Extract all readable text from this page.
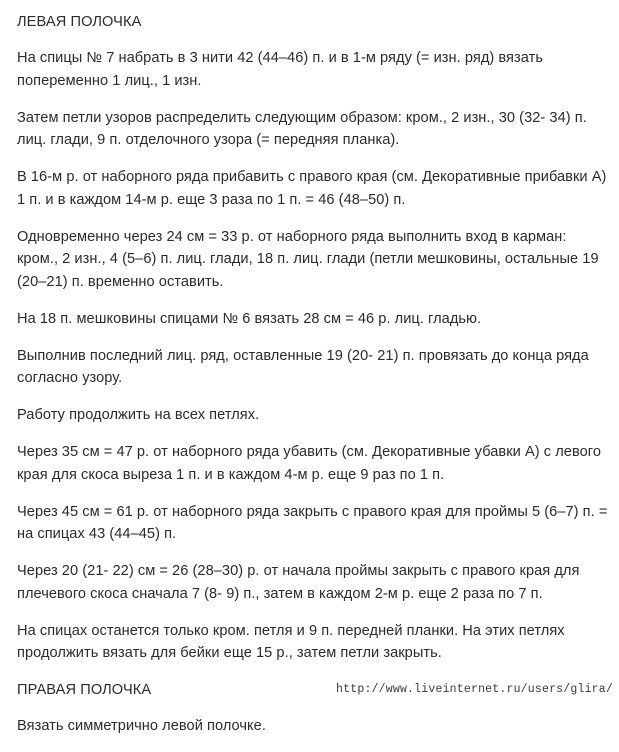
ЛЕВАЯ ПОЛОЧКА
На спицы № 7 набрать в 3 нити 42 (44–46) п. и в 1-м ряду (= изн. ряд) вязать попеременно 1 лиц., 1 изн.
Затем петли узоров распределить следующим образом: кром., 2 изн., 30 (32- 34) п. лиц. глади, 9 п. отделочного узора (= передняя планка).
В 16-м р. от наборного ряда прибавить с правого края (см. Декоративные прибавки А) 1 п. и в каждом 14-м р. еще 3 раза по 1 п. = 46 (48–50) п.
Одновременно через 24 см = 33 р. от наборного ряда выполнить вход в карман: кром., 2 изн., 4 (5–6) п. лиц. глади, 18 п. лиц. глади (петли мешковины, остальные 19 (20–21) п. временно оставить.
На 18 п. мешковины спицами № 6 вязать 28 см = 46 р. лиц. гладью.
Выполнив последний лиц. ряд, оставленные 19 (20- 21) п. провязать до конца ряда согласно узору.
Работу продолжить на всех петлях.
Через 35 см = 47 р. от наборного ряда убавить (см. Декоративные убавки А) с левого края для скоса выреза 1 п. и в каждом 4-м р. еще 9 раз по 1 п.
Через 45 см = 61 р. от наборного ряда закрыть с правого края для проймы 5 (6–7) п. = на спицах 43 (44–45) п.
Через 20 (21- 22) см = 26 (28–30) р. от начала проймы закрыть с правого края для плечевого скоса сначала 7 (8- 9) п., затем в каждом 2-м р. еще 2 раза по 7 п.
На спицах останется только кром. петля и 9 п. передней планки. На этих петлях продолжить вязать для бейки еще 15 р., затем петли закрыть.
ПРАВАЯ ПОЛОЧКА
Вязать симметрично левой полочке.
http://www.liveinternet.ru/users/glira/
